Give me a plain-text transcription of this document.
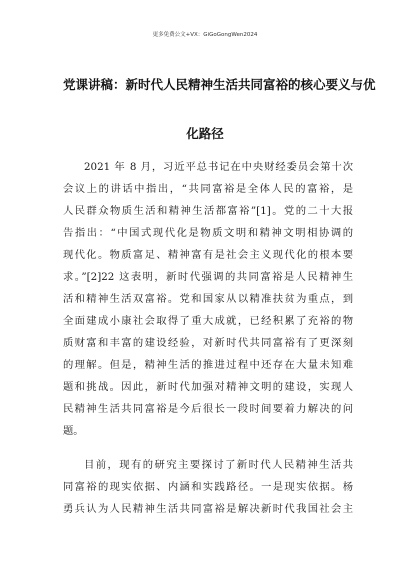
更多免费公文+VX：GiGoGongWen2024
党课讲稿：新时代人民精神生活共同富裕的核心要义与优
化路径
2021 年 8 月，习近平总书记在中央财经委员会第十次
会议上的讲话中指出，“共同富裕是全体人民的富裕，是
人民群众物质生活和精神生活都富裕”[1]。党的二十大报
告指出：“中国式现代化是物质文明和精神文明相协调的
现代化。物质富足、精神富有是社会主义现代化的根本要
求。”[2]22 这表明，新时代强调的共同富裕是人民精神生
活和精神生活双富裕。党和国家从以精准扶贫为重点，到
全面建成小康社会取得了重大成就，已经积累了充裕的物
质财富和丰富的建设经验，对新时代共同富裕有了更深刻
的理解。但是，精神生活的推进过程中还存在大量未知难
题和挑战。因此，新时代加强对精神文明的建设，实现人
民精神生活共同富裕是今后很长一段时间要着力解决的问
题。
目前，现有的研究主要探讨了新时代人民精神生活共
同富裕的现实依据、内涵和实践路径。一是现实依据。杨
勇兵认为人民精神生活共同富裕是解决新时代我国社会主
